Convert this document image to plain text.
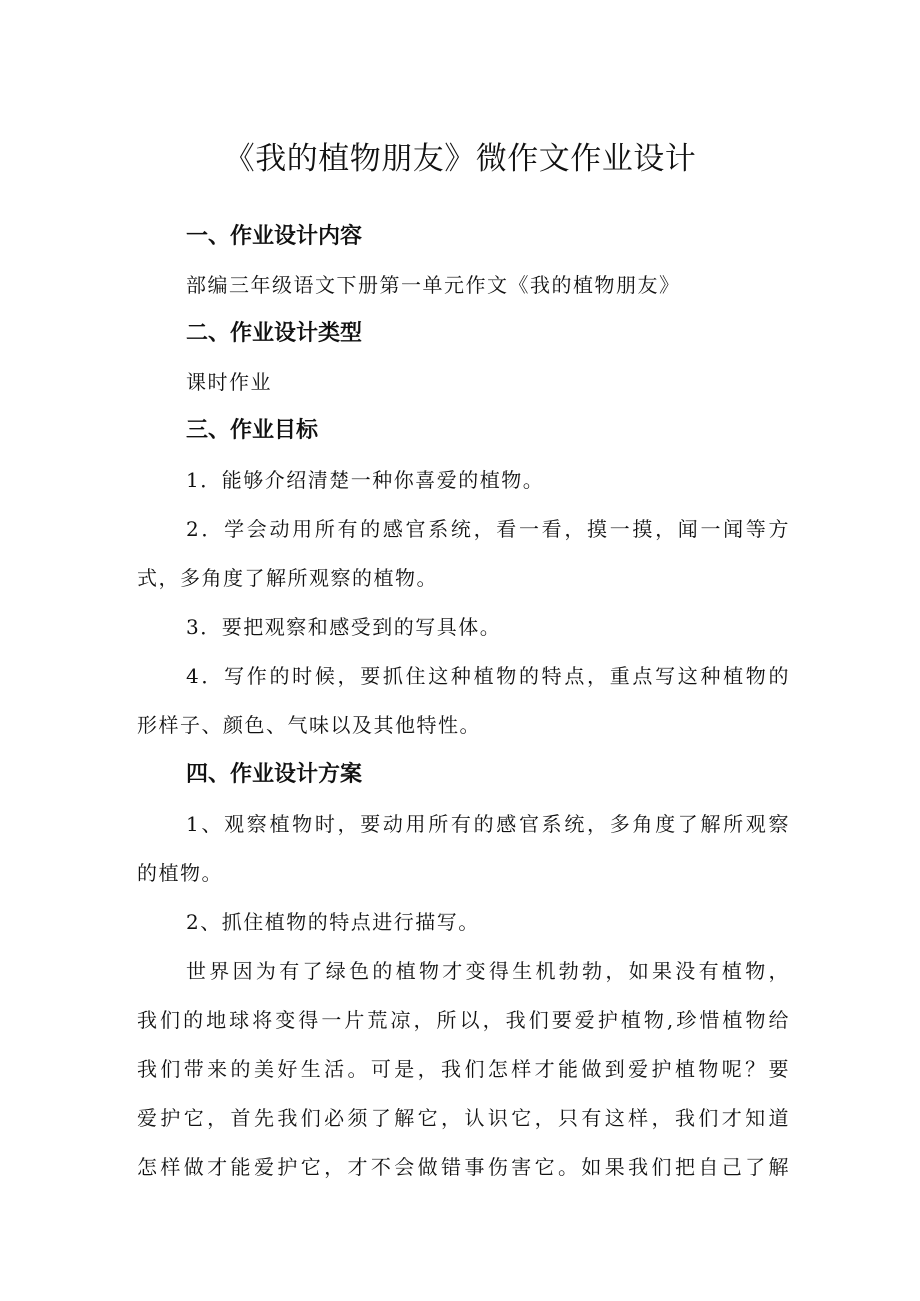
《我的植物朋友》微作文作业设计
一、作业设计内容
部编三年级语文下册第一单元作文《我的植物朋友》
二、作业设计类型
课时作业
三、作业目标
1．能够介绍清楚一种你喜爱的植物。
2．学会动用所有的感官系统，看一看，摸一摸，闻一闻等方
式，多角度了解所观察的植物。
3．要把观察和感受到的写具体。
4．写作的时候，要抓住这种植物的特点，重点写这种植物的
形样子、颜色、气味以及其他特性。
四、作业设计方案
1、观察植物时，要动用所有的感官系统，多角度了解所观察
的植物。
2、抓住植物的特点进行描写。
世界因为有了绿色的植物才变得生机勃勃，如果没有植物，
我们的地球将变得一片荒凉，所以，我们要爱护植物,珍惜植物给
我们带来的美好生活。可是，我们怎样才能做到爱护植物呢？要
爱护它，首先我们必须了解它，认识它，只有这样，我们才知道
怎样做才能爱护它，才不会做错事伤害它。如果我们把自己了解
